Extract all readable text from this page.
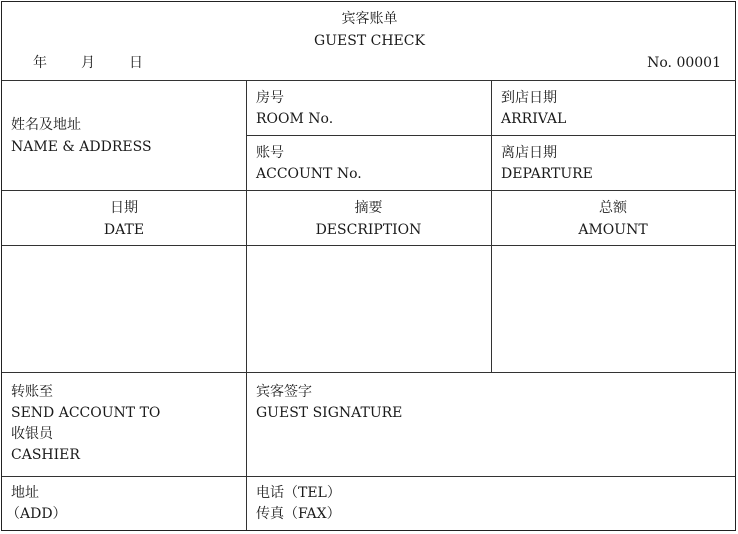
宾客账单
GUEST CHECK
年 月 日	No. 00001
姓名及地址
NAME & ADDRESS
房号
ROOM No.
到店日期
ARRIVAL
账号
ACCOUNT No.
离店日期
DEPARTURE
日期
DATE
摘要
DESCRIPTION
总额
AMOUNT
转账至
SEND ACCOUNT TO
收银员
CASHIER
宾客签字
GUEST SIGNATURE
地址
（ADD）
电话（TEL）
传真（FAX）
